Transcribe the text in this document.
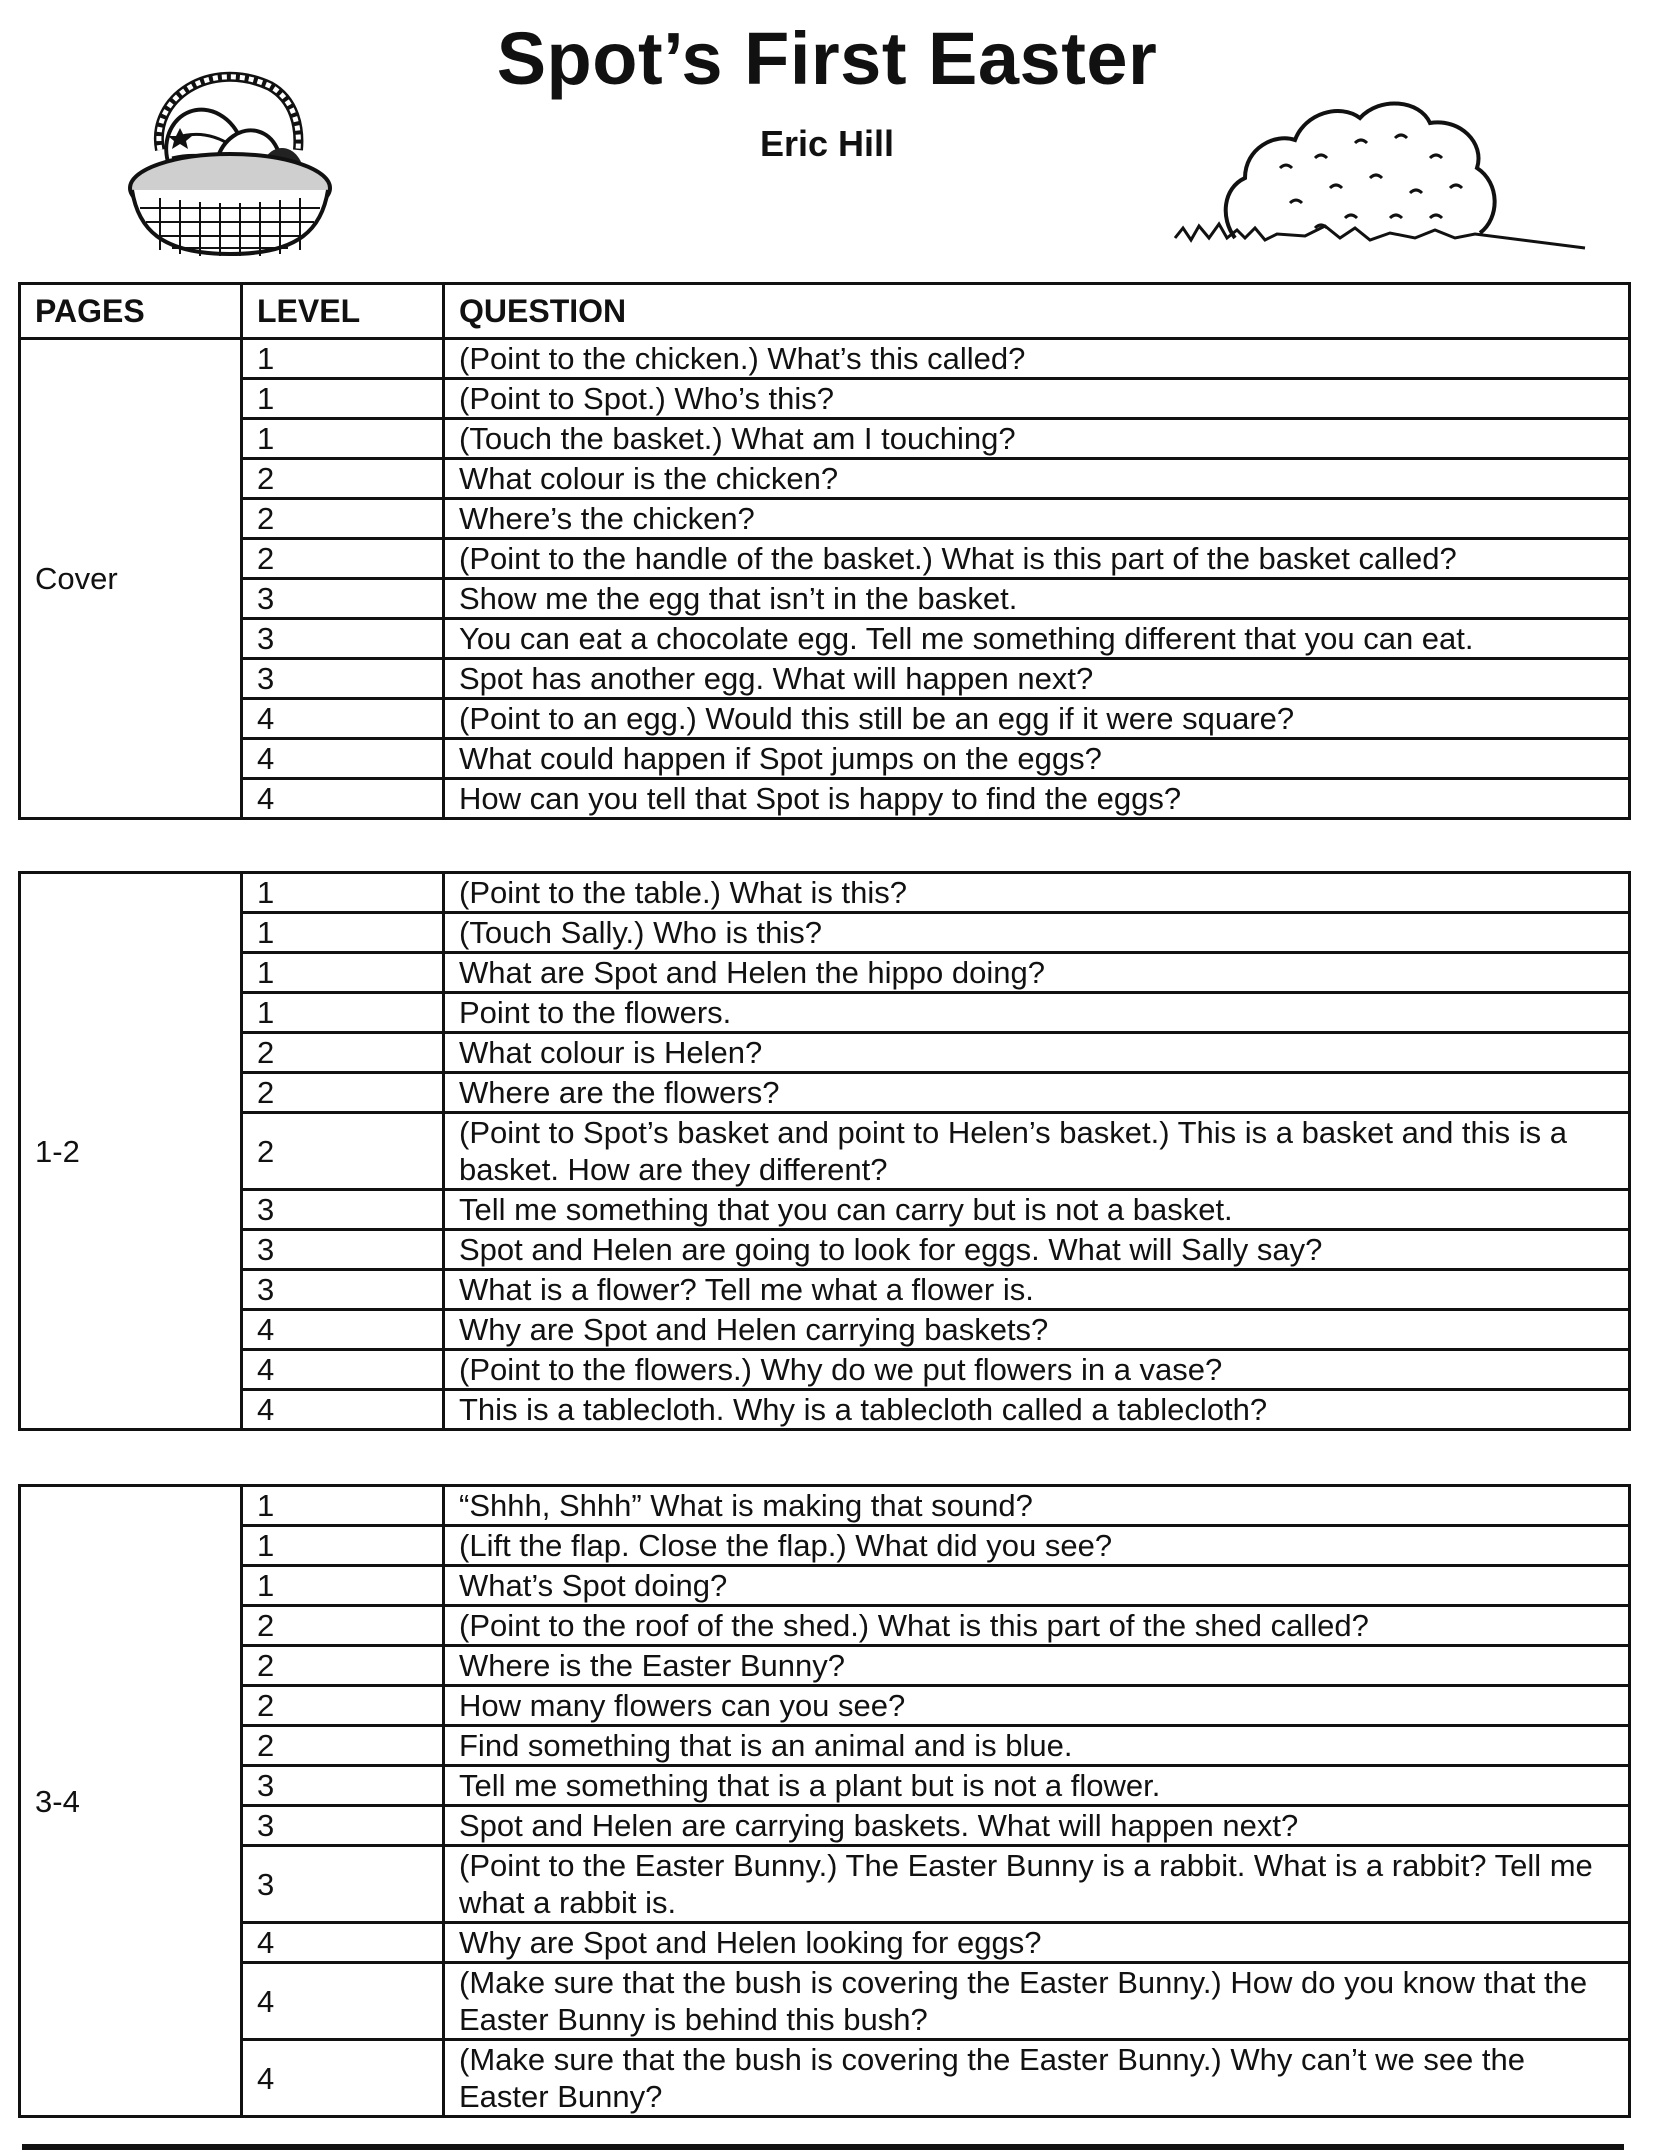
Spot’s First Easter
Eric Hill
PAGES	LEVEL	QUESTION
Cover	1	(Point to the chicken.) What’s this called?
	1	(Point to Spot.) Who’s this?
	1	(Touch the basket.) What am I touching?
	2	What colour is the chicken?
	2	Where’s the chicken?
	2	(Point to the handle of the basket.) What is this part of the basket called?
	3	Show me the egg that isn’t in the basket.
	3	You can eat a chocolate egg. Tell me something different that you can eat.
	3	Spot has another egg. What will happen next?
	4	(Point to an egg.) Would this still be an egg if it were square?
	4	What could happen if Spot jumps on the eggs?
	4	How can you tell that Spot is happy to find the eggs?
1-2	1	(Point to the table.) What is this?
	1	(Touch Sally.) Who is this?
	1	What are Spot and Helen the hippo doing?
	1	Point to the flowers.
	2	What colour is Helen?
	2	Where are the flowers?
	2	(Point to Spot’s basket and point to Helen’s basket.) This is a basket and this is a basket. How are they different?
	3	Tell me something that you can carry but is not a basket.
	3	Spot and Helen are going to look for eggs. What will Sally say?
	3	What is a flower? Tell me what a flower is.
	4	Why are Spot and Helen carrying baskets?
	4	(Point to the flowers.) Why do we put flowers in a vase?
	4	This is a tablecloth. Why is a tablecloth called a tablecloth?
3-4	1	“Shhh, Shhh” What is making that sound?
	1	(Lift the flap. Close the flap.) What did you see?
	1	What’s Spot doing?
	2	(Point to the roof of the shed.) What is this part of the shed called?
	2	Where is the Easter Bunny?
	2	How many flowers can you see?
	2	Find something that is an animal and is blue.
	3	Tell me something that is a plant but is not a flower.
	3	Spot and Helen are carrying baskets. What will happen next?
	3	(Point to the Easter Bunny.) The Easter Bunny is a rabbit. What is a rabbit? Tell me what a rabbit is.
	4	Why are Spot and Helen looking for eggs?
	4	(Make sure that the bush is covering the Easter Bunny.) How do you know that the Easter Bunny is behind this bush?
	4	(Make sure that the bush is covering the Easter Bunny.) Why can’t we see the Easter Bunny?
